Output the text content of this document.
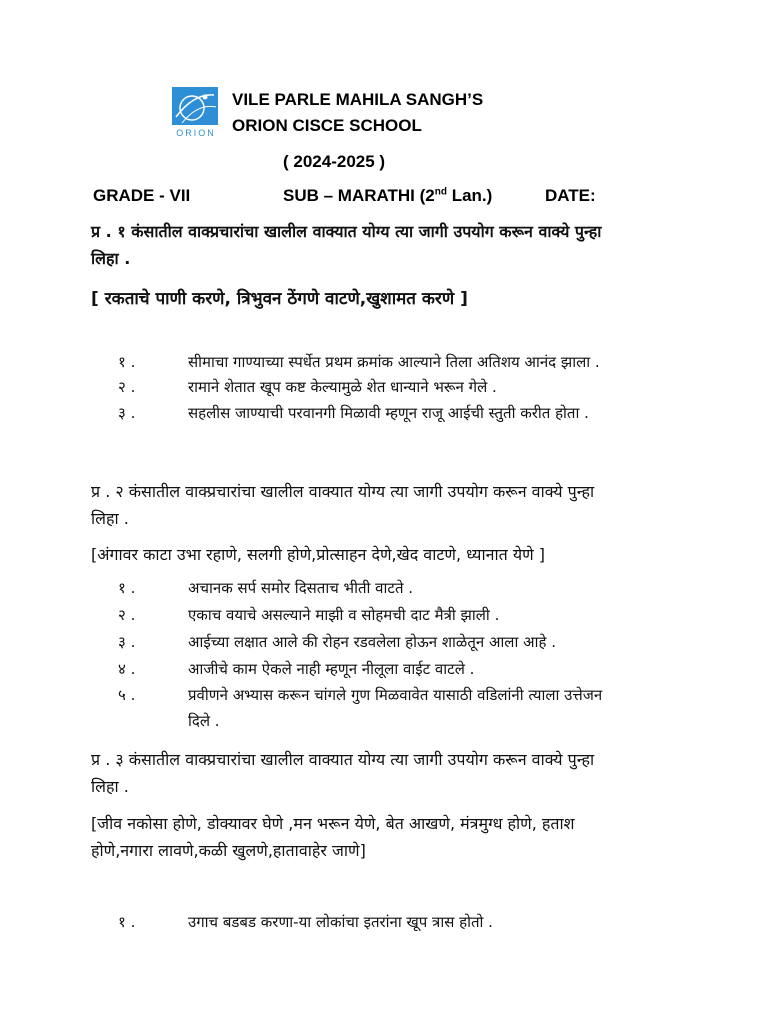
ORION
VILE PARLE MAHILA SANGH’S
ORION CISCE SCHOOL
( 2024-2025 )
GRADE - VII	SUB – MARATHI (2nd Lan.)	DATE:
प्र . १ कंसातील वाक्प्रचारांचा खालील वाक्यात योग्य त्या जागी उपयोग करून वाक्ये पुन्हा
लिहा .
[ रकताचे पाणी करणे, त्रिभुवन ठेंगणे वाटणे,खुशामत करणे ]
१ .	सीमाचा गाण्याच्या स्पर्धेत प्रथम क्रमांक आल्याने तिला अतिशय आनंद झाला .
२ .	रामाने शेतात खूप कष्ट केल्यामुळे शेत धान्याने भरून गेले .
३ .	सहलीस जाण्याची परवानगी मिळावी म्हणून राजू आईची स्तुती करीत होता .
प्र . २ कंसातील वाक्प्रचारांचा खालील वाक्यात योग्य त्या जागी उपयोग करून वाक्ये पुन्हा
लिहा .
[अंगावर काटा उभा रहाणे, सलगी होणे,प्रोत्साहन देणे,खेद वाटणे, ध्यानात येणे ]
१ .	अचानक सर्प समोर दिसताच भीती वाटते .
२ .	एकाच वयाचे असल्याने माझी व सोहमची दाट मैत्री झाली .
३ .	आईच्या लक्षात आले की रोहन रडवलेला होऊन शाळेतून आला आहे .
४ .	आजीचे काम ऐकले नाही म्हणून नीलूला वाईट वाटले .
५ .	प्रवीणने अभ्यास करून चांगले गुण मिळवावेत यासाठी वडिलांनी त्याला उत्तेजन
दिले .
प्र . ३ कंसातील वाक्प्रचारांचा खालील वाक्यात योग्य त्या जागी उपयोग करून वाक्ये पुन्हा
लिहा .
[जीव नकोसा होणे, डोक्यावर घेणे ,मन भरून येणे, बेत आखणे, मंत्रमुग्ध होणे, हताश
होणे,नगारा लावणे,कळी खुलणे,हातावाहेर जाणे]
१ .	उगाच बडबड करणा-या लोकांचा इतरांना खूप त्रास होतो .
